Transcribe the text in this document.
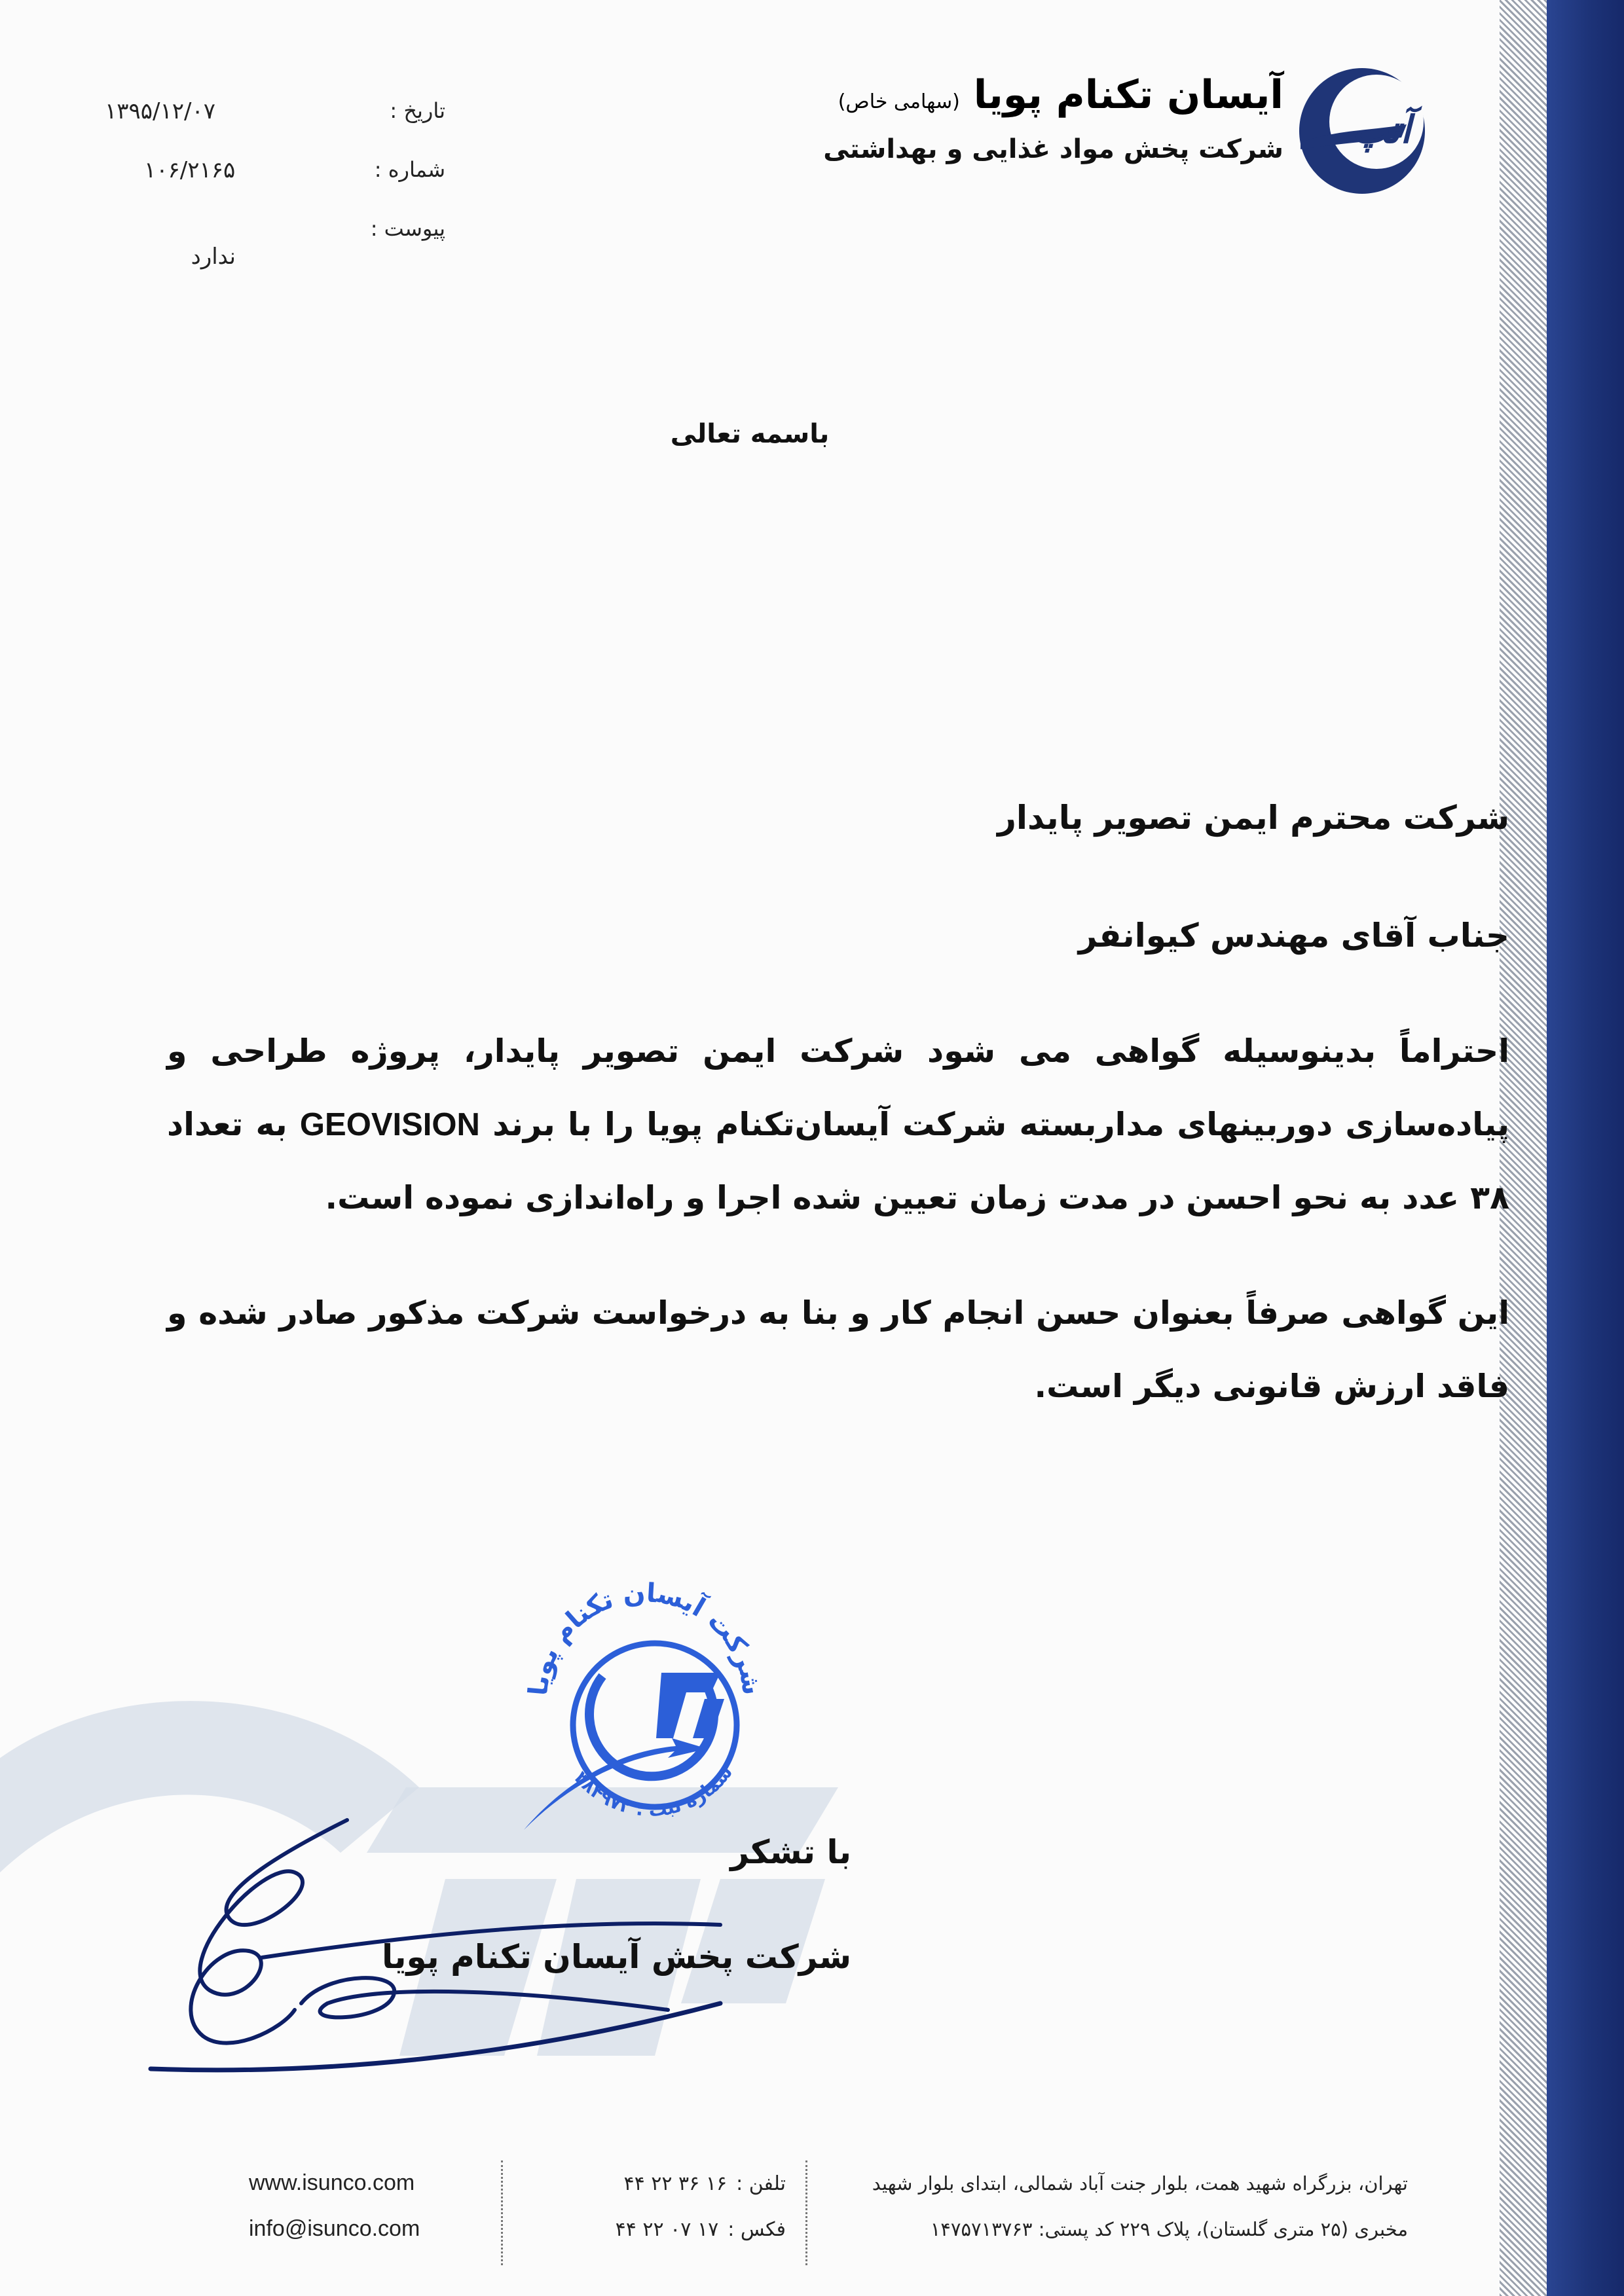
آتپ
آیسان تکنام پویا (سهامی خاص)
شرکت پخش مواد غذایی و بهداشتی
تاریخ :
۱۳۹۵/۱۲/۰۷
شماره :
۱۰۶/۲۱۶۵
پیوست :
ندارد
باسمه تعالی
شرکت محترم ایمن تصویر پایدار
جناب آقای مهندس کیوانفر
احتراماً بدینوسیله گواهی می شود شرکت ایمن تصویر پایدار، پروژه طراحی و پیاده‌سازی دوربینهای مداربسته شرکت آیسان‌تکنام پویا را با برند GEOVISION به تعداد ۳۸ عدد به نحو احسن در مدت زمان تعیین شده اجرا و راه‌اندازی نموده است.
این گواهی صرفاً بعنوان حسن انجام کار و بنا به درخواست شرکت مذکور صادر شده و فاقد ارزش قانونی دیگر است.
شرکت آیسان تکنام پویا
شماره ثبت : ۳۸۴۹۷۲
با تشکر
شرکت پخش آیسان تکنام پویا
www.isunco.com
info@isunco.com
تلفن :۱۶ ۳۶ ۲۲ ۴۴
فکس :۱۷ ۰۷ ۲۲ ۴۴
تهران، بزرگراه شهید همت، بلوار جنت آباد شمالی، ابتدای بلوار شهید
مخبری (۲۵ متری گلستان)، پلاک ۲۲۹ کد پستی: ۱۴۷۵۷۱۳۷۶۳
